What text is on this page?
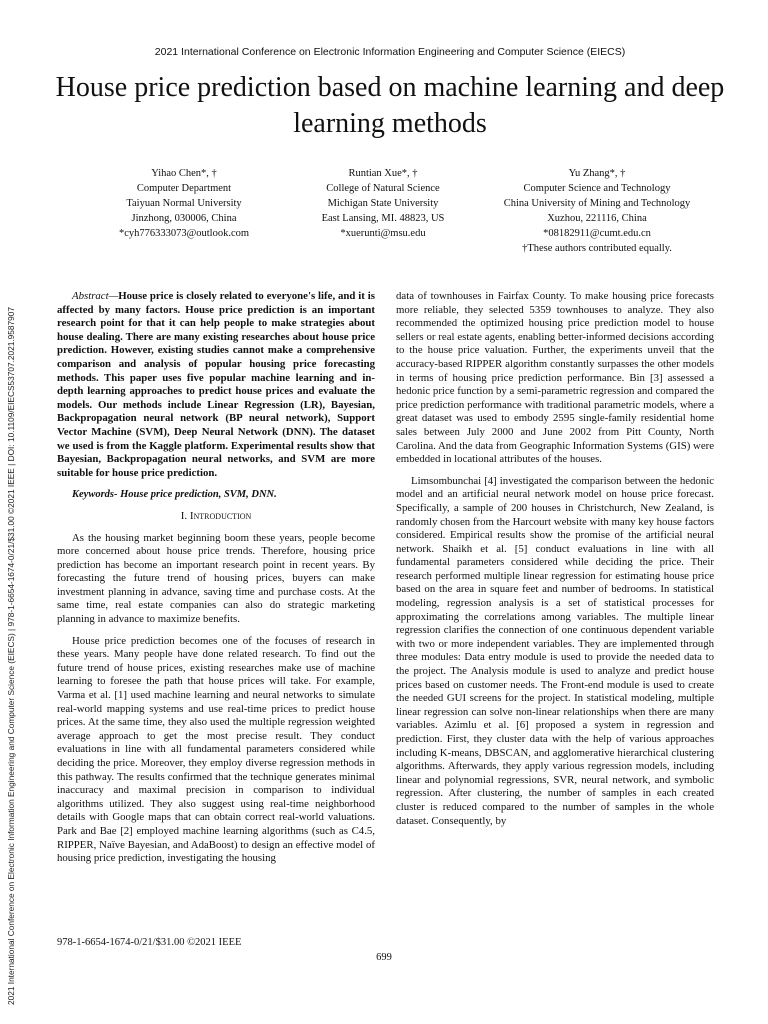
2021 International Conference on Electronic Information Engineering and Computer Science (EIECS) | 978-1-6654-1674-0/21/$31.00 ©2021 IEEE | DOI: 10.1109/EIECS53707.2021.9587907
2021 International Conference on Electronic Information Engineering and Computer Science (EIECS)
House price prediction based on machine learning and deep learning methods
Yihao Chen*, †
Computer Department
Taiyuan Normal University
Jinzhong, 030006, China
*cyh776333073@outlook.com
Runtian Xue*, †
College of Natural Science
Michigan State University
East Lansing, MI. 48823, US
*xuerunti@msu.edu
Yu Zhang*, †
Computer Science and Technology
China University of Mining and Technology
Xuzhou, 221116, China
*08182911@cumt.edu.cn
†These authors contributed equally.

Abstract—House price is closely related to everyone's life, and it is affected by many factors. House price prediction is an important research point for that it can help people to make strategies about house dealing. There are many existing researches about house price prediction. However, existing studies cannot make a comprehensive comparison and analysis of popular housing price forecasting methods. This paper uses five popular machine learning and in-depth learning approaches to predict house prices and evaluate the models. Our methods include Linear Regression (LR), Bayesian, Backpropagation neural network (BP neural network), Support Vector Machine (SVM), Deep Neural Network (DNN). The dataset we used is from the Kaggle platform. Experimental results show that Bayesian, Backpropagation neural networks, and SVM are more suitable for house price prediction.

Keywords- House price prediction, SVM, DNN.

I. Introduction

As the housing market beginning boom these years, people become more concerned about house price trends. Therefore, housing price prediction has become an important research point in recent years. By forecasting the future trend of housing prices, buyers can make investment planning in advance, saving time and purchase costs. At the same time, real estate companies can also do strategic marketing planning in advance to maximize benefits.

House price prediction becomes one of the focuses of research in these years. Many people have done related research. To find out the future trend of house prices, existing researches make use of machine learning to foresee the path that house prices will take. For example, Varma et al. [1] used machine learning and neural networks to simulate real-world mapping systems and use real-time prices to predict house prices. At the same time, they also used the multiple regression weighted average approach to get the most precise result. They conduct evaluations in line with all fundamental parameters considered while deciding the price. Moreover, they employ diverse regression methods in this pathway. The results confirmed that the technique generates minimal inaccuracy and maximal precision in comparison to individual algorithms utilized. They also suggest using real-time neighborhood details with Google maps that can obtain correct real-world valuations. Park and Bae [2] employed machine learning algorithms (such as C4.5, RIPPER, Naïve Bayesian, and AdaBoost) to design an effective model of housing price prediction, investigating the housing

data of townhouses in Fairfax County. To make housing price forecasts more reliable, they selected 5359 townhouses to analyze. They also recommended the optimized housing price prediction model to house sellers or real estate agents, enabling better-informed decisions according to the house price valuation. Further, the experiments unveil that the accuracy-based RIPPER algorithm constantly surpasses the other models in terms of housing price prediction performance. Bin [3] assessed a hedonic price function by a semi-parametric regression and compared the price prediction performance with traditional parametric models, where a great dataset was used to embody 2595 single-family residential home sales between July 2000 and June 2002 from Pitt County, North Carolina. And the data from Geographic Information Systems (GIS) were embedded in locational attributes of the houses.

Limsombunchai [4] investigated the comparison between the hedonic model and an artificial neural network model on house price forecast. Specifically, a sample of 200 houses in Christchurch, New Zealand, is randomly chosen from the Harcourt website with many key house factors considered. Empirical results show the promise of the artificial neural network. Shaikh et al. [5] conduct evaluations in line with all fundamental parameters considered while deciding the price. Their research performed multiple linear regression for estimating house price based on the area in square feet and number of bedrooms. In statistical modeling, regression analysis is a set of statistical processes for approximating the correlations among variables. The multiple linear regression clarifies the connection of one continuous dependent variable with two or more independent variables. They are implemented through three modules: Data entry module is used to provide the needed data to the project. The Analysis module is used to analyze and predict house prices based on customer needs. The Front-end module is used to create the needed GUI screens for the project. In statistical modeling, multiple linear regression can solve non-linear relationships when there are many variables. Azimlu et al. [6] proposed a system in regression and prediction. First, they cluster data with the help of various approaches including K-means, DBSCAN, and agglomerative hierarchical clustering algorithms. Afterwards, they apply various regression models, including linear and polynomial regressions, SVR, neural network, and symbolic regression. After clustering, the number of samples in each created cluster is reduced compared to the number of samples in the whole dataset. Consequently, by

978-1-6654-1674-0/21/$31.00 ©2021 IEEE
699
